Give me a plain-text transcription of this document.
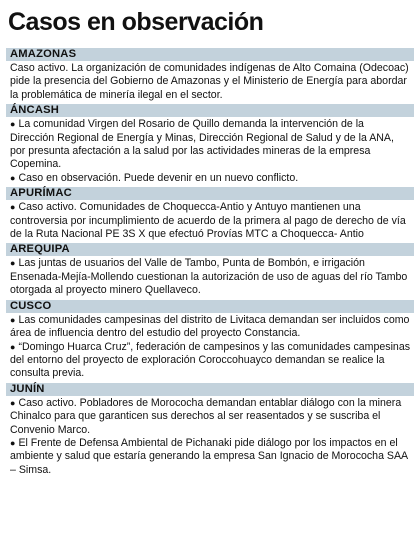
Casos en observación
AMAZONAS

Caso activo. La organización de comunidades indígenas de Alto Comaina (Odecoac) pide la presencia del Gobierno de Amazonas y el Ministerio de Energía para abordar la problemática de minería ilegal en el sector.

ÁNCASH

● La comunidad Virgen del Rosario de Quillo demanda la intervención de la Dirección Regional de Energía y Minas, Dirección Regional de Salud y de la ANA, por presunta afectación a la salud por las actividades mineras de la empresa Copemina.

● Caso en observación. Puede devenir en un nuevo conflicto.

APURÍMAC

● Caso activo. Comunidades de Choquecca-Antio y Antuyo mantienen una controversia por incumplimiento de acuerdo de la primera al pago de derecho de vía de la Ruta Nacional PE 3S X que efectuó Provías MTC a Choquecca- Antio

AREQUIPA

● Las juntas de usuarios del Valle de Tambo, Punta de Bombón, e irrigación Ensenada-Mejía-Mollendo cuestionan la autorización de uso de aguas del río Tambo otorgada al proyecto minero Quellaveco.

CUSCO

● Las comunidades campesinas del distrito de Livitaca demandan ser incluidos como área de influencia dentro del estudio del proyecto Constancia.

● “Domingo Huarca Cruz”, federación de campesinos y las comunidades campesinas del entorno del proyecto de exploración Coroccohuayco demandan se realice la consulta previa.

JUNÍN

● Caso activo. Pobladores de Morococha demandan entablar diálogo con la minera Chinalco para que garanticen sus derechos al ser reasentados y se suscriba el Convenio Marco.

● El Frente de Defensa Ambiental de Pichanaki pide diálogo por los impactos en el ambiente y salud que estaría generando la empresa San Ignacio de Morococha SAA – Simsa.
